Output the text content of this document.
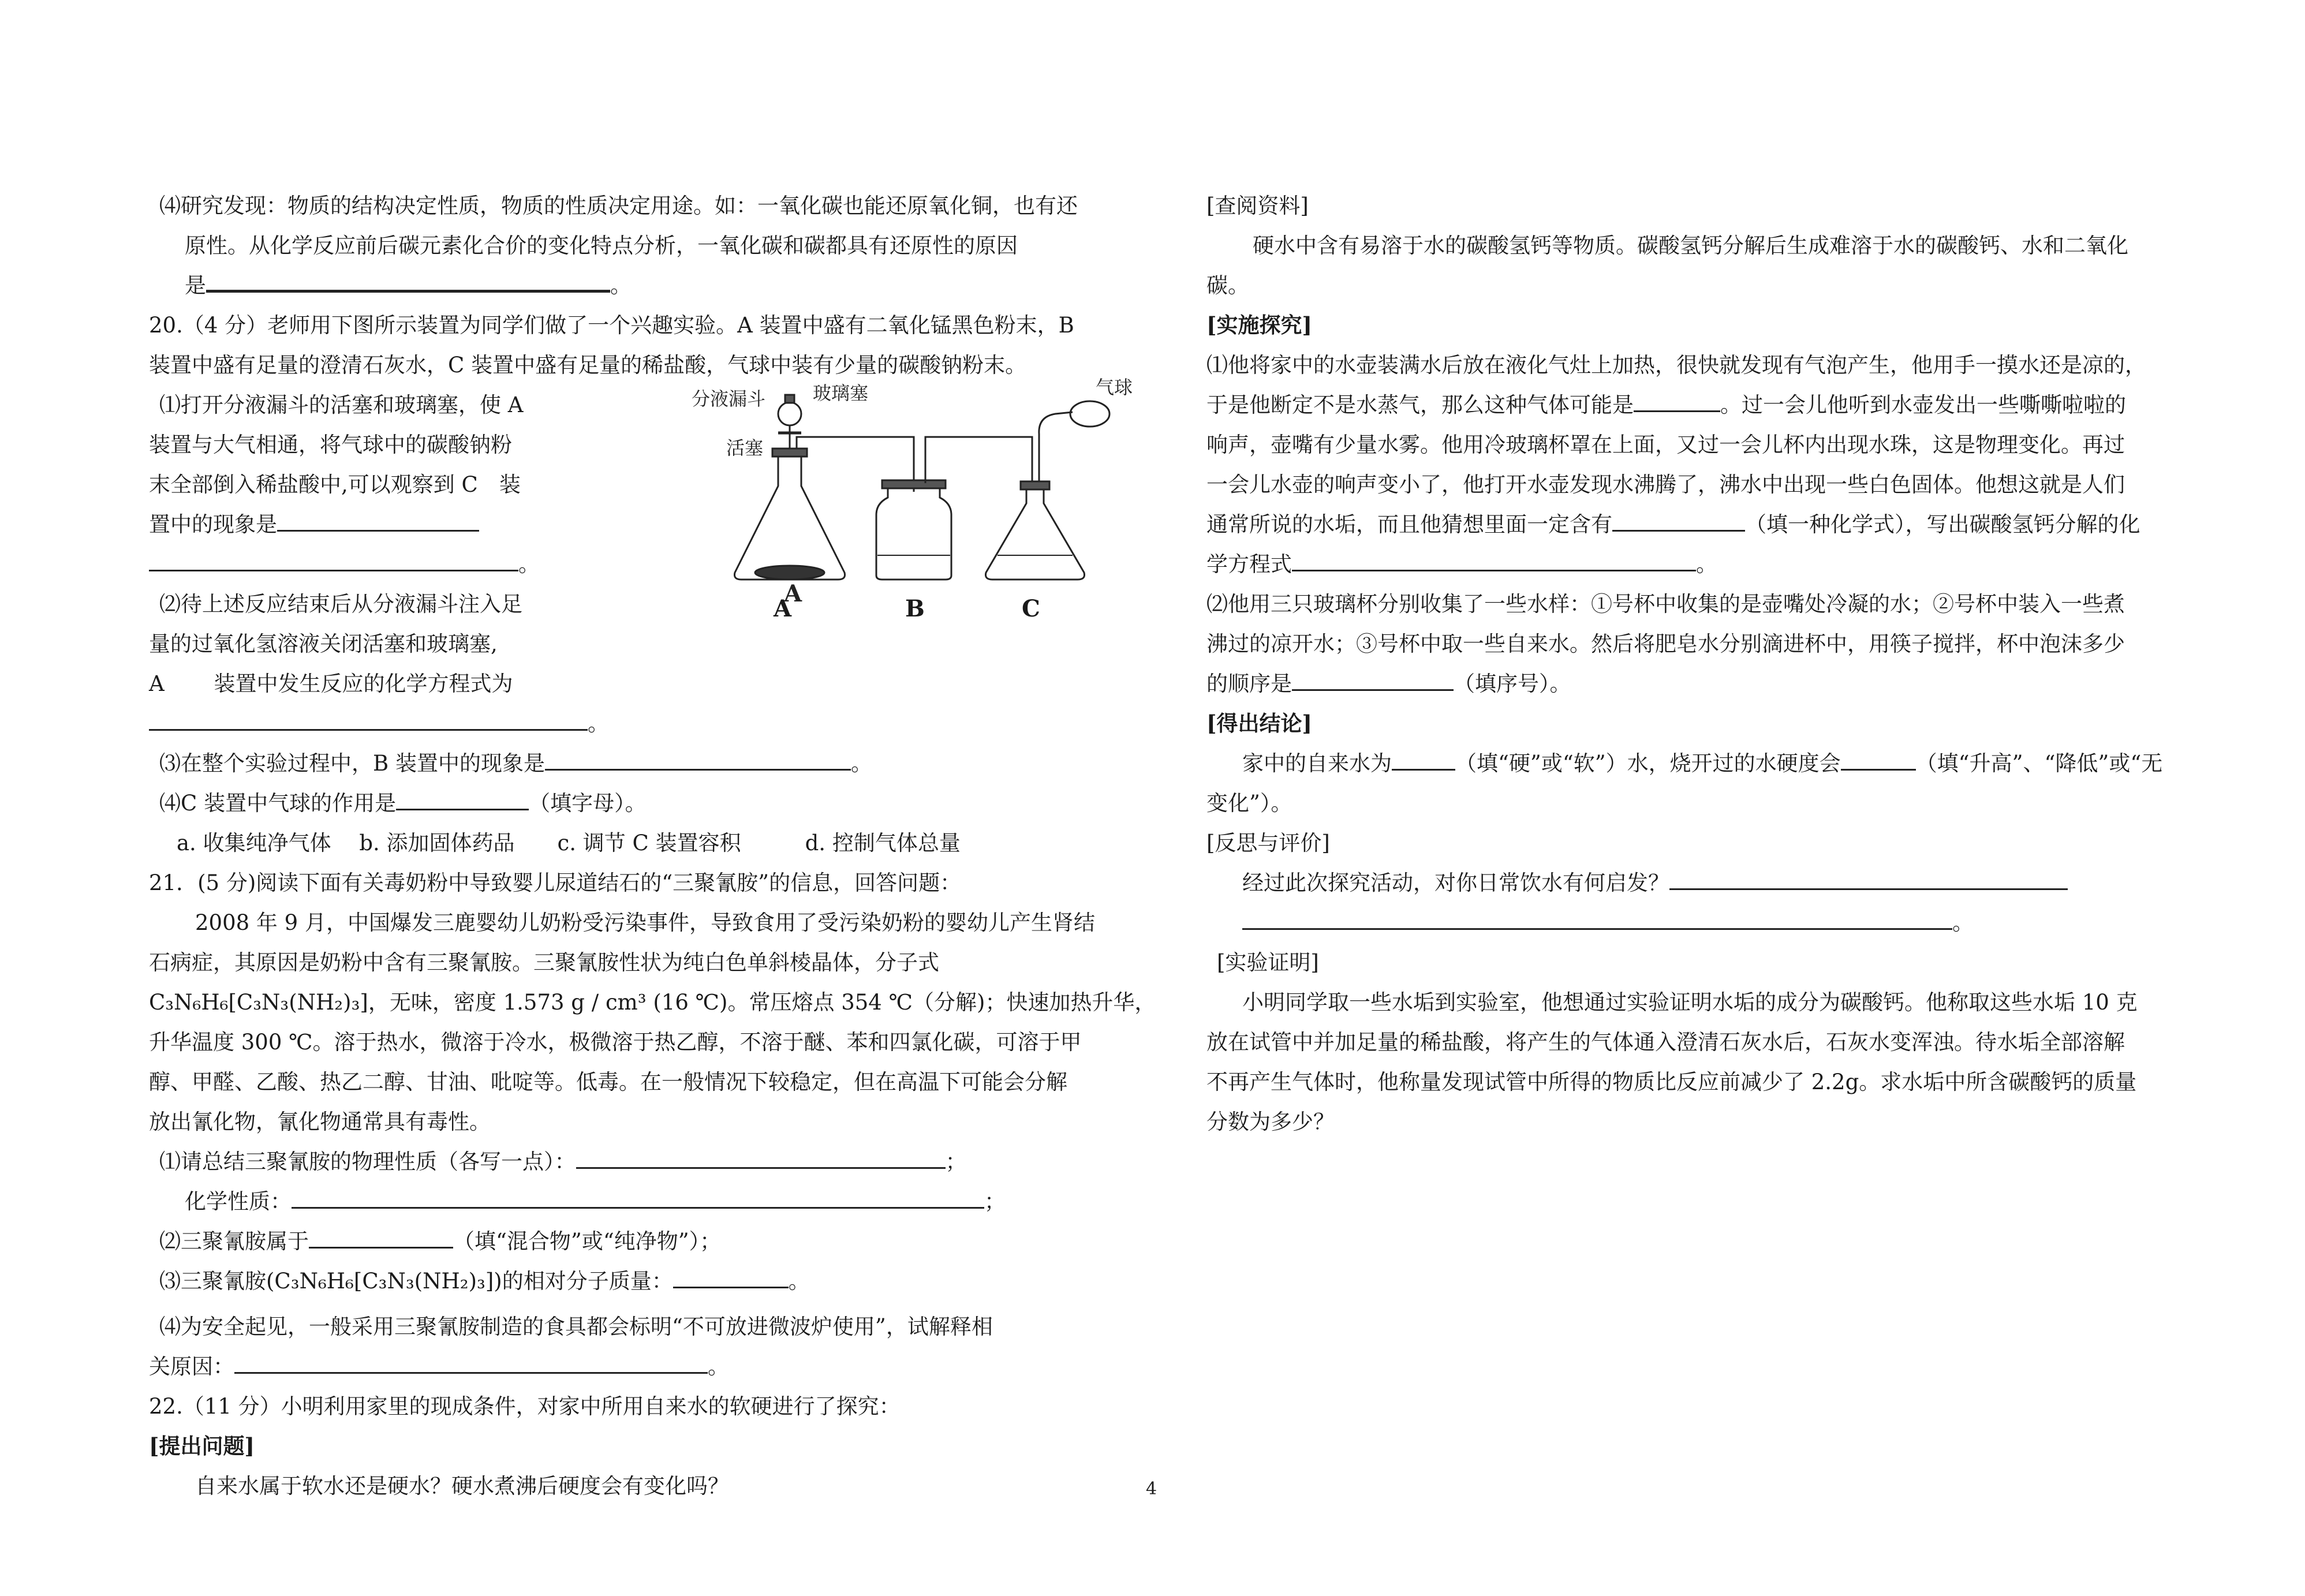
⑷研究发现：物质的结构决定性质，物质的性质决定用途。如：一氧化碳也能还原氧化铜，也有还

原性。从化学反应前后碳元素化合价的变化特点分析，一氧化碳和碳都具有还原性的原因

是	。

20.（4 分）老师用下图所示装置为同学们做了一个兴趣实验。A 装置中盛有二氧化锰黑色粉末，B

装置中盛有足量的澄清石灰水，C 装置中盛有足量的稀盐酸，气球中装有少量的碳酸钠粉末。

⑴打开分液漏斗的活塞和玻璃塞，使 A

装置与大气相通，将气球中的碳酸钠粉

末全部倒入稀盐酸中,可以观察到 C　装

置中的现象是

。

⑵待上述反应结束后从分液漏斗注入足

量的过氧化氢溶液关闭活塞和玻璃塞,

A　　 装置中发生反应的化学方程式为

。

⑶在整个实验过程中，B 装置中的现象是	。

⑷C 装置中气球的作用是	（填字母）。

a. 收集纯净气体　 b. 添加固体药品　　c. 调节 C 装置容积　　　d. 控制气体总量

21．(5 分)阅读下面有关毒奶粉中导致婴儿尿道结石的“三聚氰胺”的信息，回答问题：

2008 年 9 月，中国爆发三鹿婴幼儿奶粉受污染事件，导致食用了受污染奶粉的婴幼儿产生肾结

石病症，其原因是奶粉中含有三聚氰胺。三聚氰胺性状为纯白色单斜棱晶体，分子式

C₃N₆H₆[C₃N₃(NH₂)₃]，无味，密度 1.573 g / cm³ (16 ℃)。常压熔点 354 ℃（分解)；快速加热升华，

升华温度 300 ℃。溶于热水，微溶于冷水，极微溶于热乙醇，不溶于醚、苯和四氯化碳，可溶于甲

醇、甲醛、乙酸、热乙二醇、甘油、吡啶等。低毒。在一般情况下较稳定，但在高温下可能会分解

放出氰化物，氰化物通常具有毒性。

⑴请总结三聚氰胺的物理性质（各写一点）：	；

化学性质：	；

⑵三聚氰胺属于	（填“混合物”或“纯净物”）；

⑶三聚氰胺(C₃N₆H₆[C₃N₃(NH₂)₃])的相对分子质量：	。

⑷为安全起见，一般采用三聚氰胺制造的食具都会标明“不可放进微波炉使用”，试解释相

关原因：	。

22.（11 分）小明利用家里的现成条件，对家中所用自来水的软硬进行了探究：

[提出问题]

自来水属于软水还是硬水？硬水煮沸后硬度会有变化吗？

分液漏斗	玻璃塞
活塞
气球
A
A	B	C

[查阅资料]

硬水中含有易溶于水的碳酸氢钙等物质。碳酸氢钙分解后生成难溶于水的碳酸钙、水和二氧化

碳。

[实施探究]

⑴他将家中的水壶装满水后放在液化气灶上加热，很快就发现有气泡产生，他用手一摸水还是凉的，

于是他断定不是水蒸气，那么这种气体可能是	。过一会儿他听到水壶发出一些嘶嘶啦啦的

响声，壶嘴有少量水雾。他用冷玻璃杯罩在上面，又过一会儿杯内出现水珠，这是物理变化。再过

一会儿水壶的响声变小了，他打开水壶发现水沸腾了，沸水中出现一些白色固体。他想这就是人们

通常所说的水垢，而且他猜想里面一定含有	（填一种化学式），写出碳酸氢钙分解的化

学方程式	。

⑵他用三只玻璃杯分别收集了一些水样：①号杯中收集的是壶嘴处冷凝的水；②号杯中装入一些煮

沸过的凉开水；③号杯中取一些自来水。然后将肥皂水分别滴进杯中，用筷子搅拌，杯中泡沫多少

的顺序是	（填序号）。

[得出结论]

家中的自来水为	（填“硬”或“软”）水，烧开过的水硬度会	（填“升高”、“降低”或“无

变化”）。

[反思与评价]

经过此次探究活动，对你日常饮水有何启发？

。

[实验证明]

小明同学取一些水垢到实验室，他想通过实验证明水垢的成分为碳酸钙。他称取这些水垢 10 克

放在试管中并加足量的稀盐酸，将产生的气体通入澄清石灰水后，石灰水变浑浊。待水垢全部溶解

不再产生气体时，他称量发现试管中所得的物质比反应前减少了 2.2g。求水垢中所含碳酸钙的质量

分数为多少？

4
